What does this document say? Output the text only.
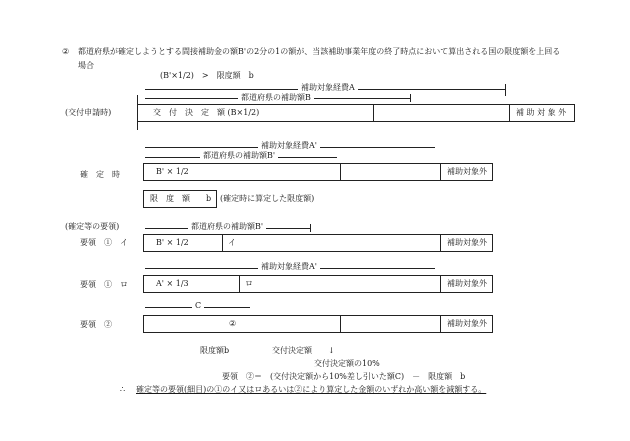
② 都道府県が確定しようとする間接補助金の額B'の2分の1の額が、当該補助事業年度の終了時点において算出される国の限度額を上回る
場合
(B'×1/2)　>　限度額　b
補助対象経費A
都道府県の補助額B
(交付申請時)	交　付　決　定　額 (B×1/2)	補 助 対 象 外
補助対象経費A'
都道府県の補助額B'
確　定　時	B' × 1/2	補助対象外
限　度　額　　b (確定時に算定した限度額)
(確定等の要領)	都道府県の補助額B'
要領　①　イ	B' × 1/2	イ	補助対象外
補助対象経費A'
要領　①　ロ	A' × 1/3	ロ	補助対象外
C
要領　②	②	補助対象外
限度額b	交付決定額 ↓
交付決定額の10%
要領　②＝　(交付決定額から10%差し引いた額C)　－　限度額　b
∴ 確定等の要領(細目)の①のイ又はロあるいは②により算定した金額のいずれか高い額を減額する。
